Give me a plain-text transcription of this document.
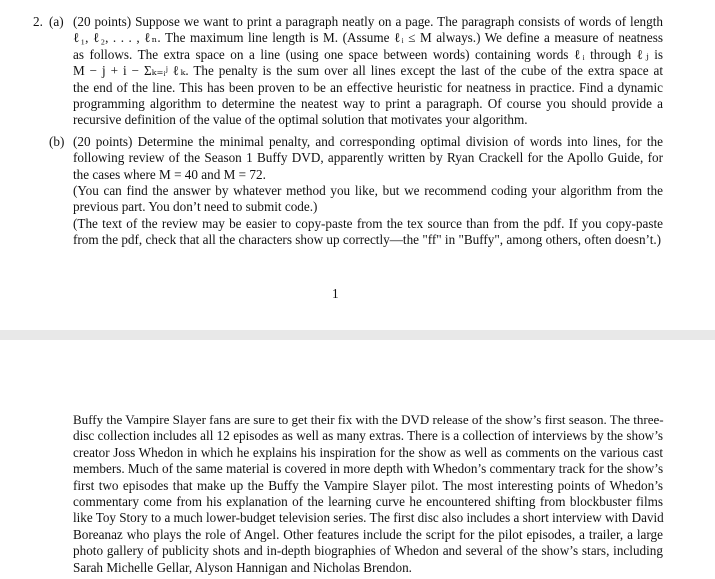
2. (a) (20 points) Suppose we want to print a paragraph neatly on a page. The paragraph consists of words of length
ℓ₁, ℓ₂, . . . , ℓₙ. The maximum line length is M. (Assume ℓᵢ ≤ M always.) We define a measure of neatness
as follows. The extra space on a line (using one space between words) containing words ℓᵢ through ℓⱼ is
M − j + i − Σₖ₌ᵢʲ ℓₖ. The penalty is the sum over all lines except the last of the cube of the extra space at
the end of the line. This has been proven to be an effective heuristic for neatness in practice. Find a dynamic
programming algorithm to determine the neatest way to print a paragraph. Of course you should provide a
recursive definition of the value of the optimal solution that motivates your algorithm.
(b) (20 points) Determine the minimal penalty, and corresponding optimal division of words into lines, for the
following review of the Season 1 Buffy DVD, apparently written by Ryan Crackell for the Apollo Guide, for
the cases where M = 40 and M = 72.
(You can find the answer by whatever method you like, but we recommend coding your algorithm from the
previous part. You don’t need to submit code.)
(The text of the review may be easier to copy-paste from the tex source than from the pdf. If you copy-paste
from the pdf, check that all the characters show up correctly—the "ff" in "Buffy", among others, often doesn’t.)
1
Buffy the Vampire Slayer fans are sure to get their fix with the DVD release of the show’s first season. The three-
disc collection includes all 12 episodes as well as many extras. There is a collection of interviews by the show’s
creator Joss Whedon in which he explains his inspiration for the show as well as comments on the various cast
members. Much of the same material is covered in more depth with Whedon’s commentary track for the show’s
first two episodes that make up the Buffy the Vampire Slayer pilot. The most interesting points of Whedon’s
commentary come from his explanation of the learning curve he encountered shifting from blockbuster films
like Toy Story to a much lower-budget television series. The first disc also includes a short interview with David
Boreanaz who plays the role of Angel. Other features include the script for the pilot episodes, a trailer, a large
photo gallery of publicity shots and in-depth biographies of Whedon and several of the show’s stars, including
Sarah Michelle Gellar, Alyson Hannigan and Nicholas Brendon.
